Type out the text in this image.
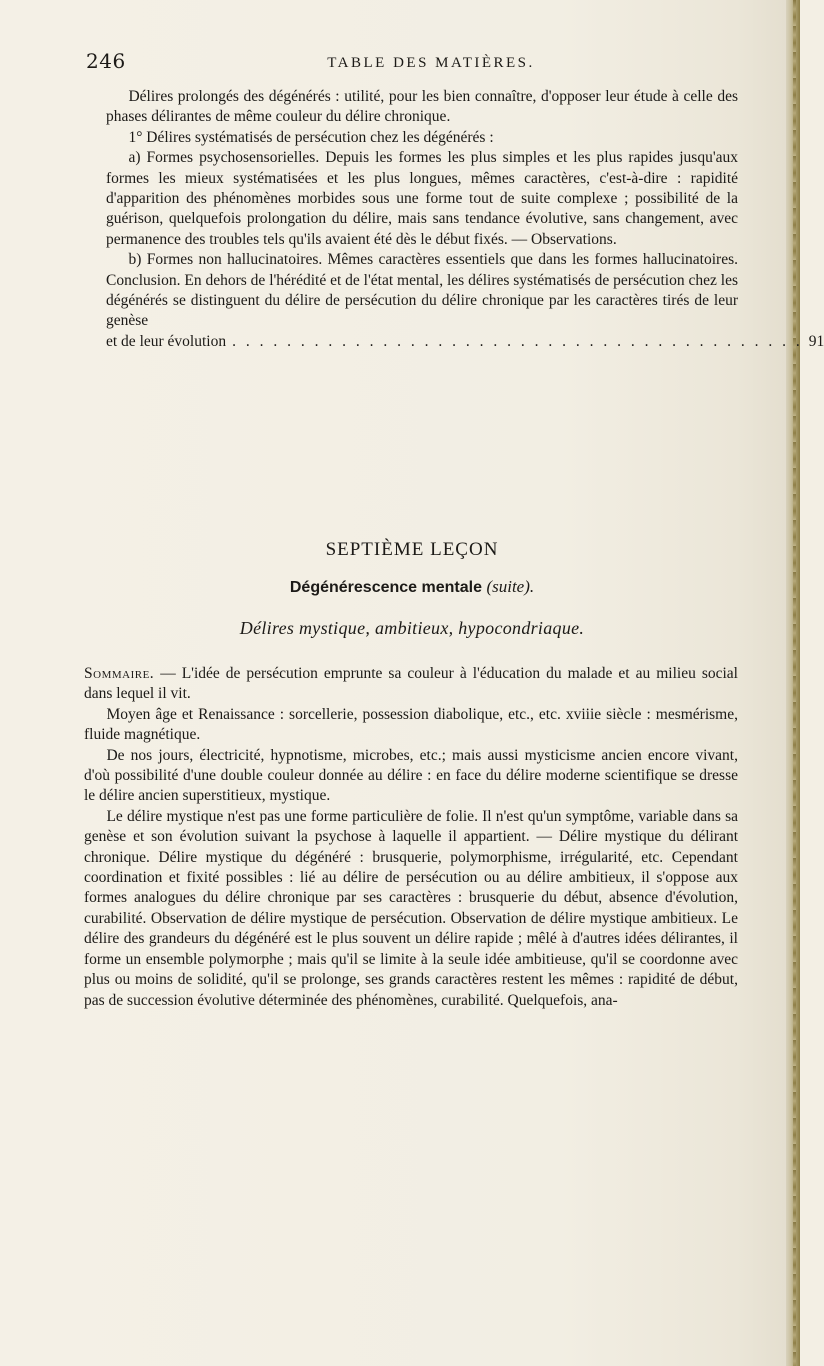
246	TABLE DES MATIÈRES.

Délires prolongés des dégénérés : utilité, pour les bien connaître, d'opposer leur étude à celle des phases délirantes de même couleur du délire chronique.

1° Délires systématisés de persécution chez les dégénérés :

a) Formes psychosensorielles. Depuis les formes les plus simples et les plus rapides jusqu'aux formes les mieux systématisées et les plus longues, mêmes caractères, c'est-à-dire : rapidité d'apparition des phénomènes morbides sous une forme tout de suite complexe ; possibilité de la guérison, quelquefois prolongation du délire, mais sans tendance évolutive, sans changement, avec permanence des troubles tels qu'ils avaient été dès le début fixés. — Observations.

b) Formes non hallucinatoires. Mêmes caractères essentiels que dans les formes hallucinatoires. Conclusion. En dehors de l'hérédité et de l'état mental, les délires systématisés de persécution chez les dégénérés se distinguent du délire de persécution du délire chronique par les caractères tirés de leur genèse

et de leur évolution . . . . . . . . . . . . . . . . . . . . . . . . . . . . . . . . . . . . . . . . . . 91
SEPTIÈME LEÇON
Dégénérescence mentale (suite).
Délires mystique, ambitieux, hypocondriaque.

Sommaire. — L'idée de persécution emprunte sa couleur à l'éducation du malade et au milieu social dans lequel il vit.

Moyen âge et Renaissance : sorcellerie, possession diabolique, etc., etc. xviiie siècle : mesmérisme, fluide magnétique.

De nos jours, électricité, hypnotisme, microbes, etc.; mais aussi mysticisme ancien encore vivant, d'où possibilité d'une double couleur donnée au délire : en face du délire moderne scientifique se dresse le délire ancien superstitieux, mystique.

Le délire mystique n'est pas une forme particulière de folie. Il n'est qu'un symptôme, variable dans sa genèse et son évolution suivant la psychose à laquelle il appartient. — Délire mystique du délirant chronique. Délire mystique du dégénéré : brusquerie, polymorphisme, irrégularité, etc. Cependant coordination et fixité possibles : lié au délire de persécution ou au délire ambitieux, il s'oppose aux formes analogues du délire chronique par ses caractères : brusquerie du début, absence d'évolution, curabilité. Observation de délire mystique de persécution. Observation de délire mystique ambitieux. Le délire des grandeurs du dégénéré est le plus souvent un délire rapide ; mêlé à d'autres idées délirantes, il forme un ensemble polymorphe ; mais qu'il se limite à la seule idée ambitieuse, qu'il se coordonne avec plus ou moins de solidité, qu'il se prolonge, ses grands caractères restent les mêmes : rapidité de début, pas de succession évolutive déterminée des phénomènes, curabilité. Quelquefois, ana-
